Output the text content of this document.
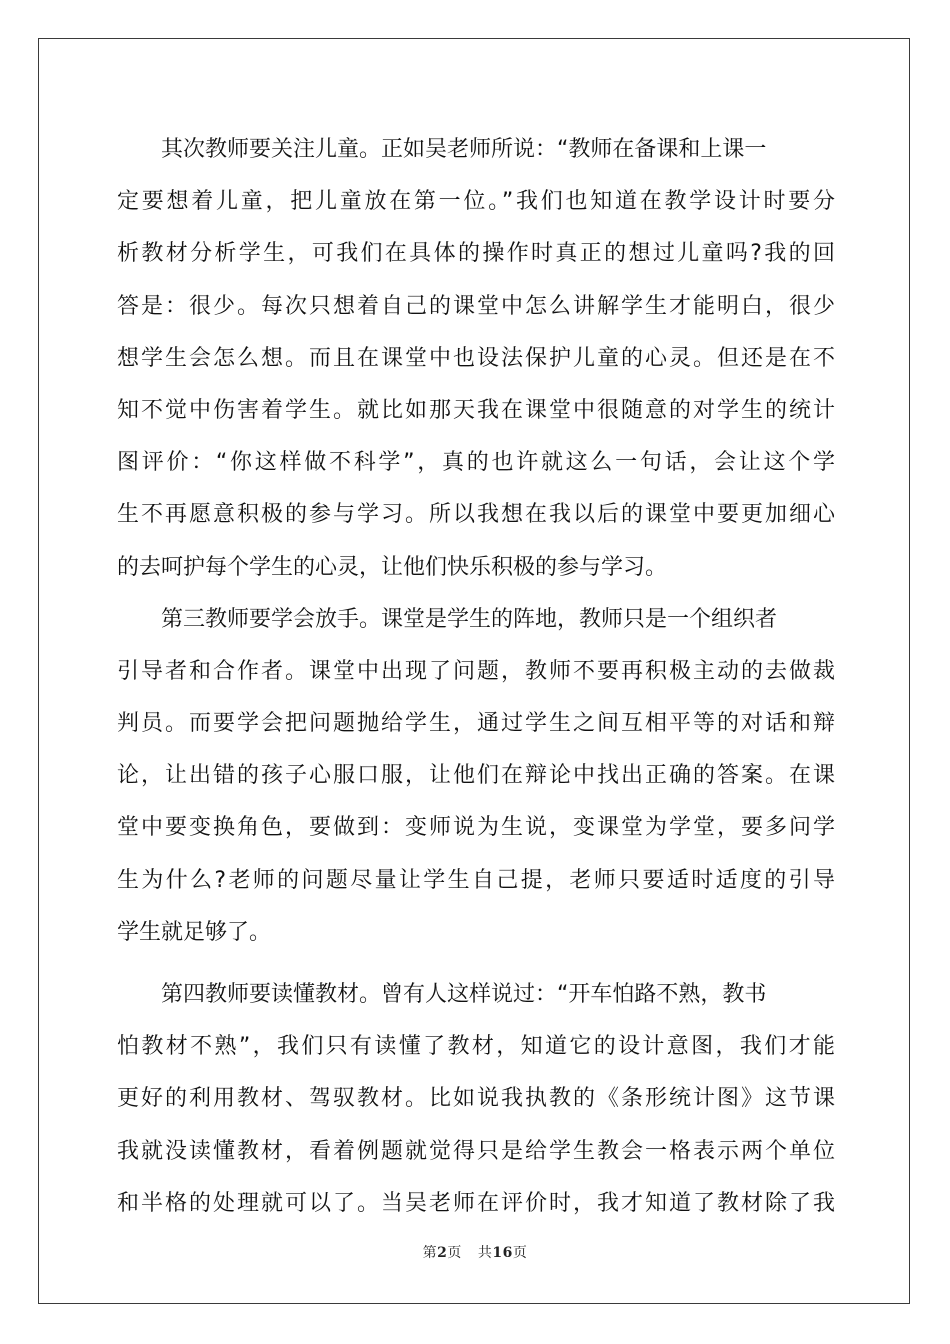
其次教师要关注儿童。正如吴老师所说：“教师在备课和上课一
定要想着儿童，把儿童放在第一位。”我们也知道在教学设计时要分
析教材分析学生，可我们在具体的操作时真正的想过儿童吗?我的回
答是：很少。每次只想着自己的课堂中怎么讲解学生才能明白，很少
想学生会怎么想。而且在课堂中也设法保护儿童的心灵。但还是在不
知不觉中伤害着学生。就比如那天我在课堂中很随意的对学生的统计
图评价：“你这样做不科学”，真的也许就这么一句话，会让这个学
生不再愿意积极的参与学习。所以我想在我以后的课堂中要更加细心
的去呵护每个学生的心灵，让他们快乐积极的参与学习。
第三教师要学会放手。课堂是学生的阵地，教师只是一个组织者
引导者和合作者。课堂中出现了问题，教师不要再积极主动的去做裁
判员。而要学会把问题抛给学生，通过学生之间互相平等的对话和辩
论，让出错的孩子心服口服，让他们在辩论中找出正确的答案。在课
堂中要变换角色，要做到：变师说为生说，变课堂为学堂，要多问学
生为什么?老师的问题尽量让学生自己提，老师只要适时适度的引导
学生就足够了。
第四教师要读懂教材。曾有人这样说过：“开车怕路不熟，教书
怕教材不熟”，我们只有读懂了教材，知道它的设计意图，我们才能
更好的利用教材、驾驭教材。比如说我执教的《条形统计图》这节课
我就没读懂教材，看着例题就觉得只是给学生教会一格表示两个单位
和半格的处理就可以了。当吴老师在评价时，我才知道了教材除了我
第2页 共16页
